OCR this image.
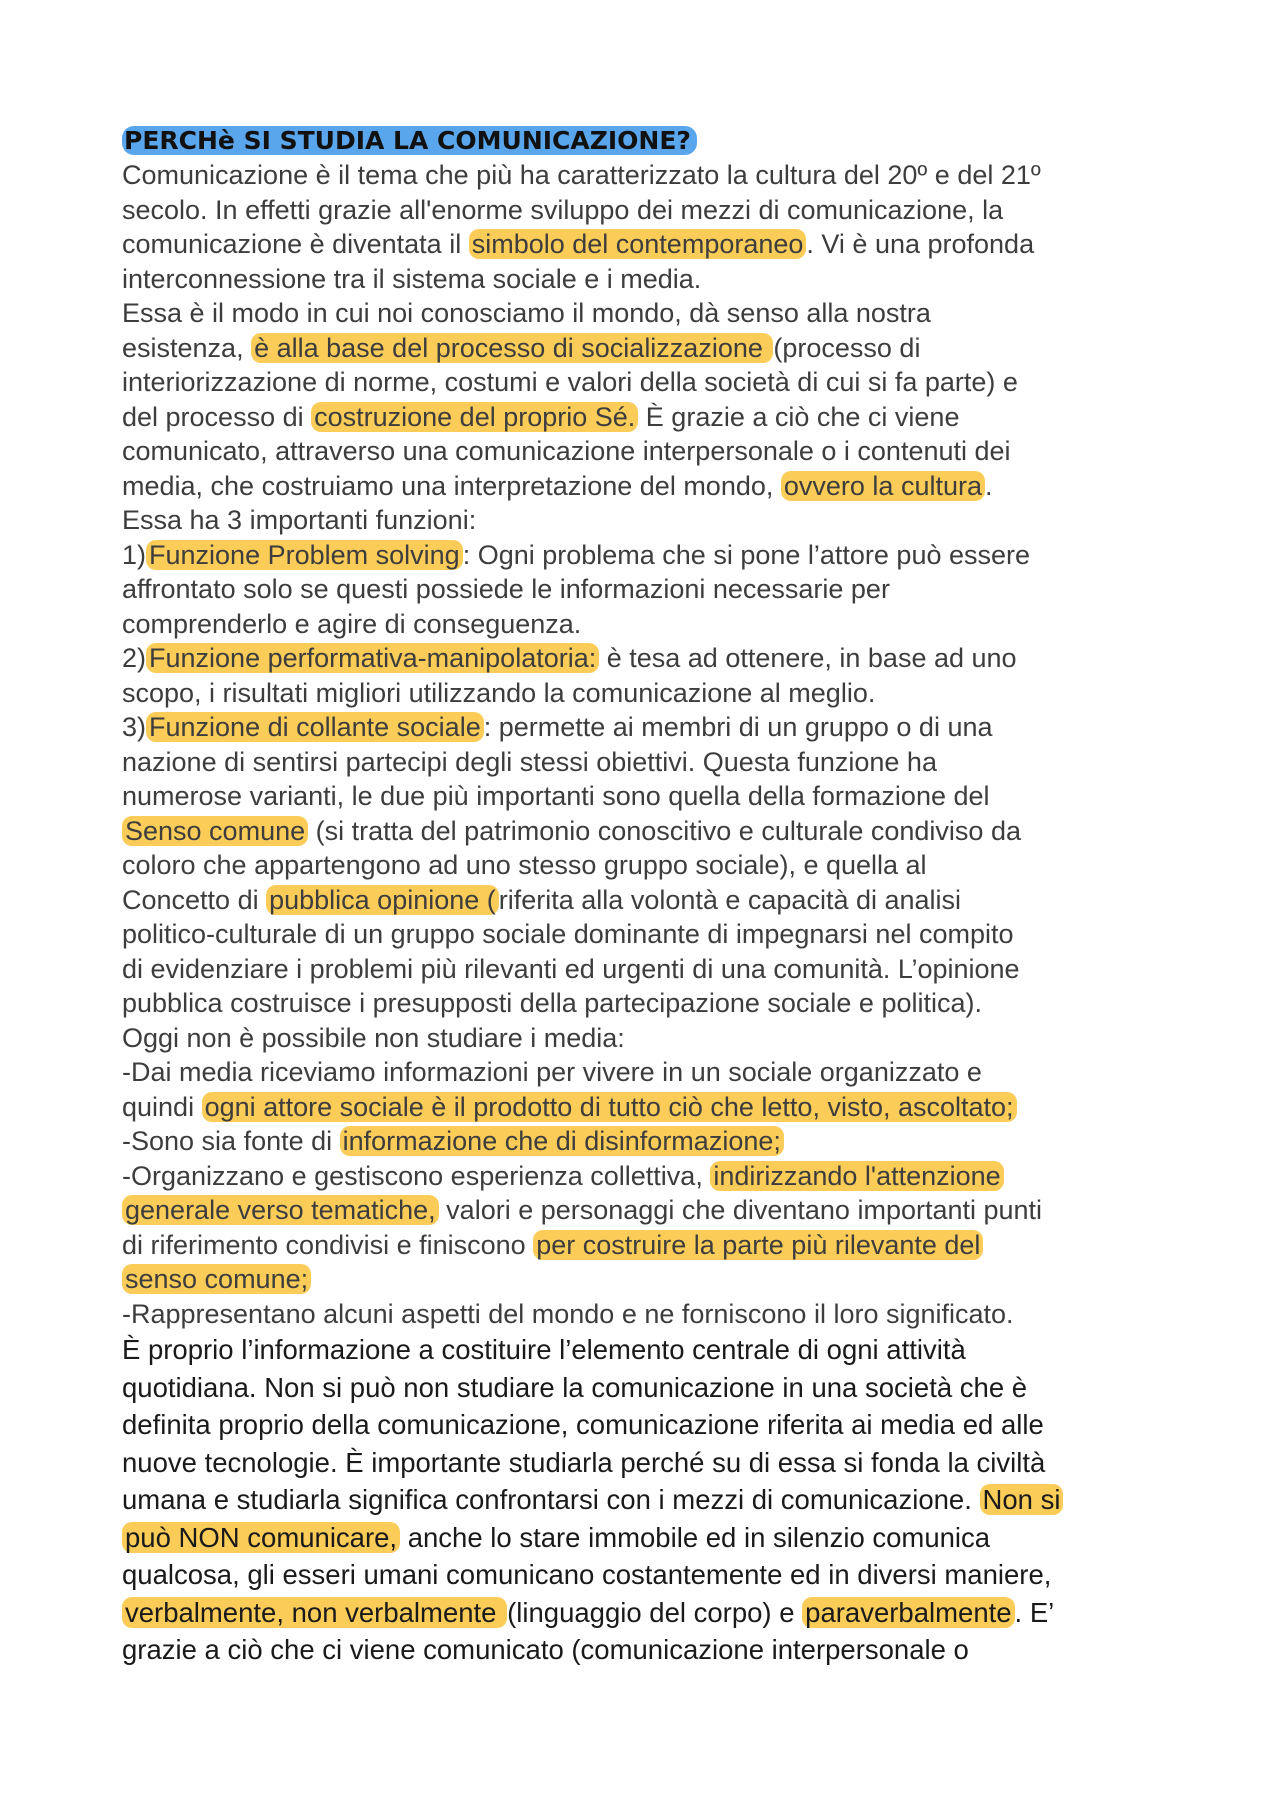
PERCHè SI STUDIA LA COMUNICAZIONE?

Comunicazione è il tema che più ha caratterizzato la cultura del 20º e del 21º

secolo. In effetti grazie all'enorme sviluppo dei mezzi di comunicazione, la

comunicazione è diventata il simbolo del contemporaneo . Vi è una profonda

interconnessione tra il sistema sociale e i media.

Essa è il modo in cui noi conosciamo il mondo, dà senso alla nostra

esistenza, è alla base del processo di socializzazione (processo di

interiorizzazione di norme, costumi e valori della società di cui si fa parte) e

del processo di costruzione del proprio Sé. È grazie a ciò che ci viene

comunicato, attraverso una comunicazione interpersonale o i contenuti dei

media, che costruiamo una interpretazione del mondo, ovvero la cultura .

Essa ha 3 importanti funzioni:

1) Funzione Problem solving : Ogni problema che si pone l’attore può essere

affrontato solo se questi possiede le informazioni necessarie per

comprenderlo e agire di conseguenza.

2) Funzione performativa-manipolatoria: è tesa ad ottenere, in base ad uno

scopo, i risultati migliori utilizzando la comunicazione al meglio.

3) Funzione di collante sociale : permette ai membri di un gruppo o di una

nazione di sentirsi partecipi degli stessi obiettivi. Questa funzione ha

numerose varianti, le due più importanti sono quella della formazione del

Senso comune (si tratta del patrimonio conoscitivo e culturale condiviso da

coloro che appartengono ad uno stesso gruppo sociale), e quella al

Concetto di pubblica opinione ( riferita alla volontà e capacità di analisi

politico-culturale di un gruppo sociale dominante di impegnarsi nel compito

di evidenziare i problemi più rilevanti ed urgenti di una comunità. L’opinione

pubblica costruisce i presupposti della partecipazione sociale e politica).

Oggi non è possibile non studiare i media:

-Dai media riceviamo informazioni per vivere in un sociale organizzato e

quindi ogni attore sociale è il prodotto di tutto ciò che letto, visto, ascoltato;

-Sono sia fonte di informazione che di disinformazione;

-Organizzano e gestiscono esperienza collettiva, indirizzando l'attenzione

generale verso tematiche, valori e personaggi che diventano importanti punti

di riferimento condivisi e finiscono per costruire la parte più rilevante del

senso comune;

-Rappresentano alcuni aspetti del mondo e ne forniscono il loro significato.

È proprio l’informazione a costituire l’elemento centrale di ogni attività

quotidiana. Non si può non studiare la comunicazione in una società che è

definita proprio della comunicazione, comunicazione riferita ai media ed alle

nuove tecnologie. È importante studiarla perché su di essa si fonda la civiltà

umana e studiarla significa confrontarsi con i mezzi di comunicazione. Non si

può NON comunicare, anche lo stare immobile ed in silenzio comunica

qualcosa, gli esseri umani comunicano costantemente ed in diversi maniere,

verbalmente, non verbalmente (linguaggio del corpo) e paraverbalmente . E’

grazie a ciò che ci viene comunicato (comunicazione interpersonale o
